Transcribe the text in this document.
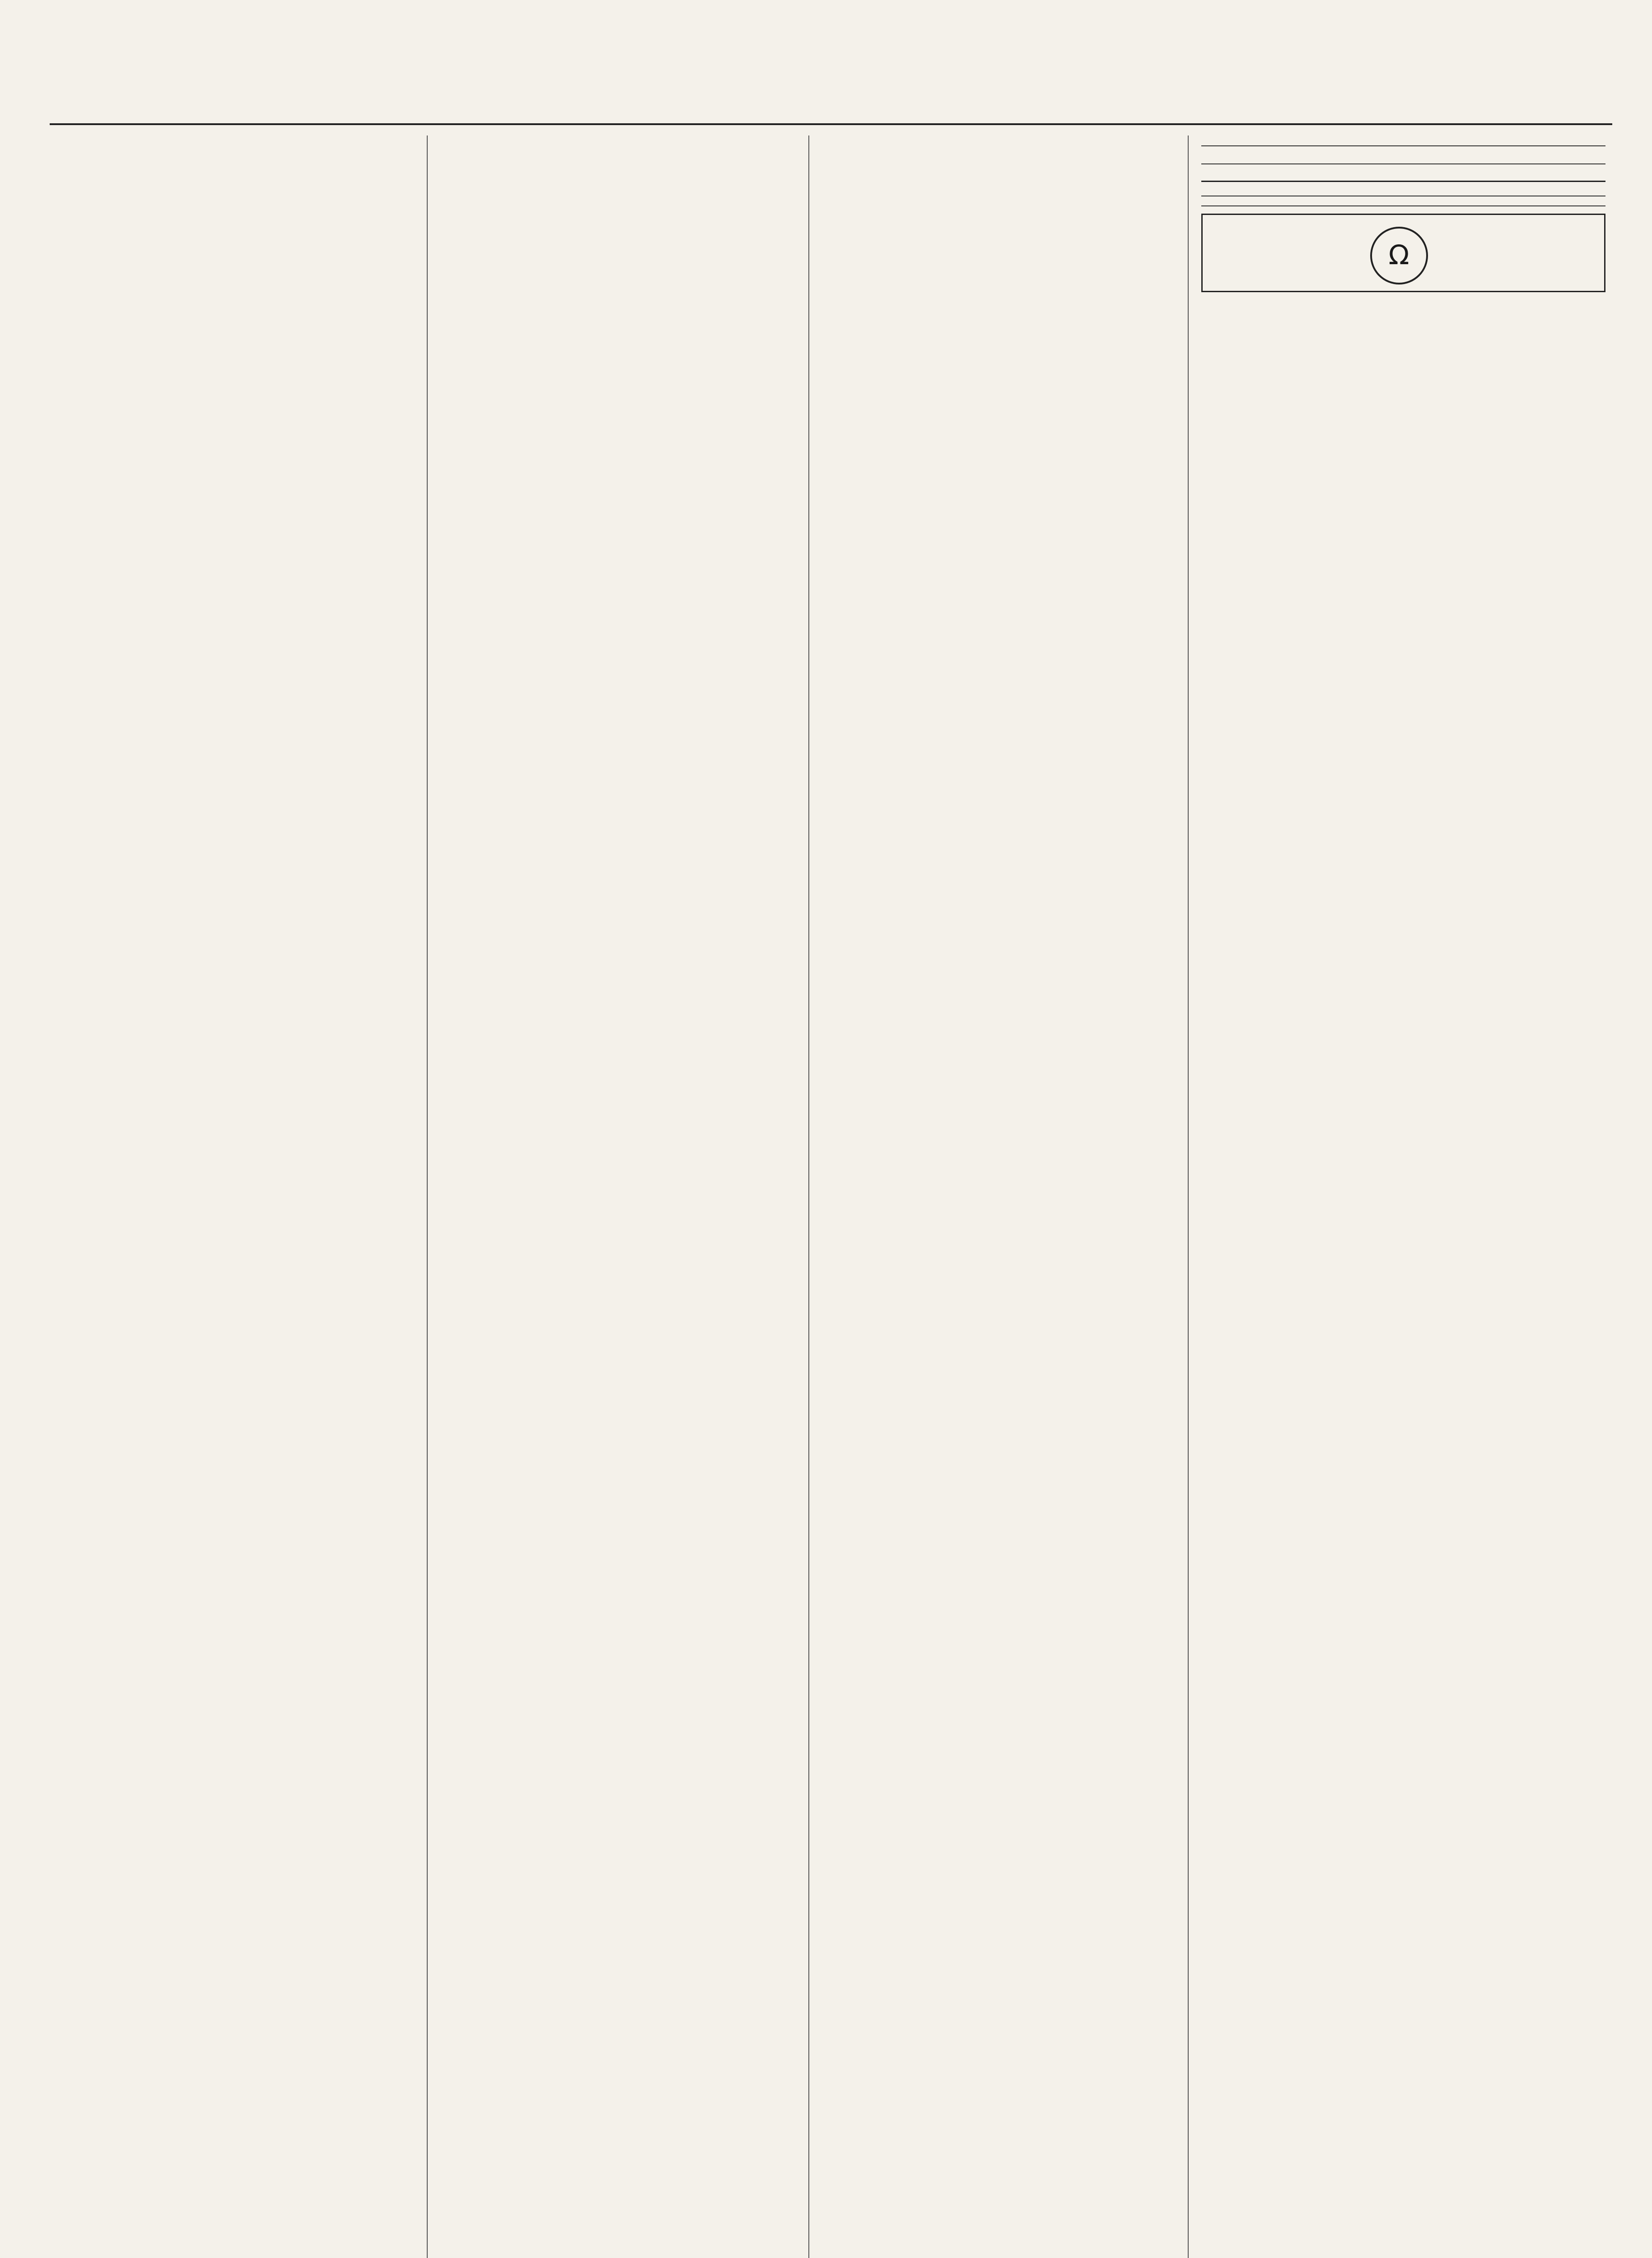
Ω
